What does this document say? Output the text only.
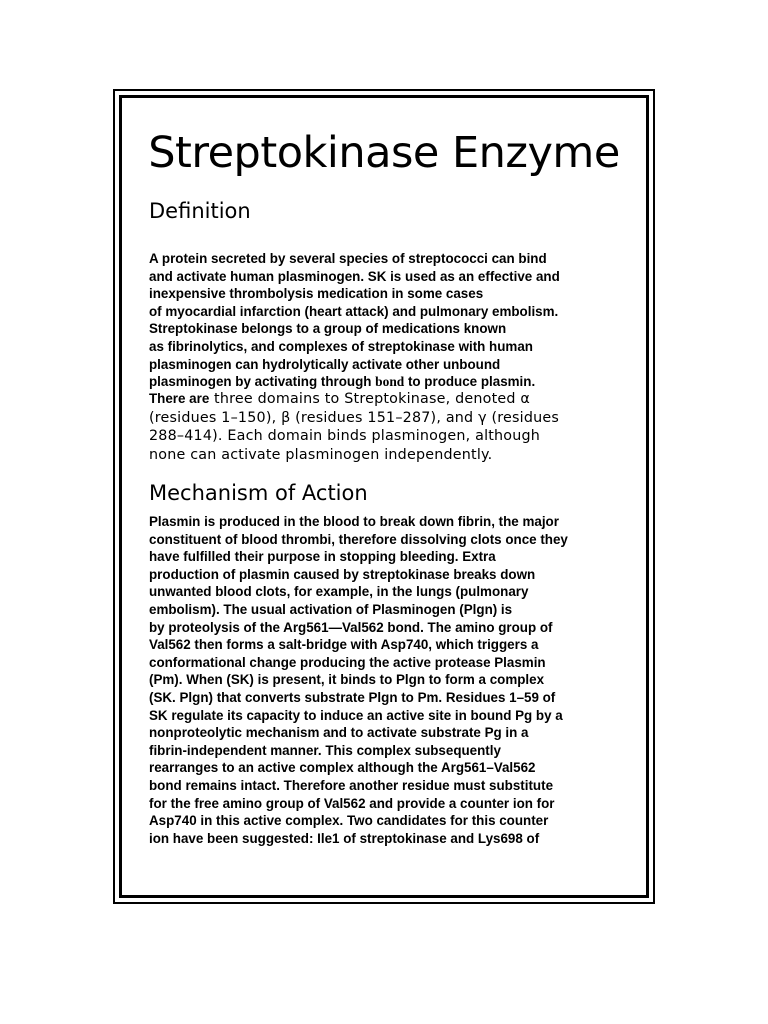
Streptokinase Enzyme
Definition

A protein secreted by several species of streptococci can bind
and activate human plasminogen. SK is used as an effective and
inexpensive thrombolysis medication in some cases
of myocardial infarction (heart attack) and pulmonary embolism.
Streptokinase belongs to a group of medications known
as fibrinolytics, and complexes of streptokinase with human
plasminogen can hydrolytically activate other unbound
plasminogen by activating through bond to produce plasmin.

There are three domains to Streptokinase, denoted α
(residues 1–150), β (residues 151–287), and γ (residues
288–414). Each domain binds plasminogen, although
none can activate plasminogen independently.

Mechanism of Action

Plasmin is produced in the blood to break down fibrin, the major
constituent of blood thrombi, therefore dissolving clots once they
have fulfilled their purpose in stopping bleeding. Extra
production of plasmin caused by streptokinase breaks down
unwanted blood clots, for example, in the lungs (pulmonary
embolism). The usual activation of Plasminogen (Plgn) is
by proteolysis of the Arg561—Val562 bond. The amino group of
Val562 then forms a salt-bridge with Asp740, which triggers a
conformational change producing the active protease Plasmin
(Pm). When (SK) is present, it binds to Plgn to form a complex
(SK. Plgn) that converts substrate Plgn to Pm. Residues 1–59 of
SK regulate its capacity to induce an active site in bound Pg by a
nonproteolytic mechanism and to activate substrate Pg in a
fibrin-independent manner. This complex subsequently
rearranges to an active complex although the Arg561–Val562
bond remains intact. Therefore another residue must substitute
for the free amino group of Val562 and provide a counter ion for
Asp740 in this active complex. Two candidates for this counter
ion have been suggested: Ile1 of streptokinase and Lys698 of
